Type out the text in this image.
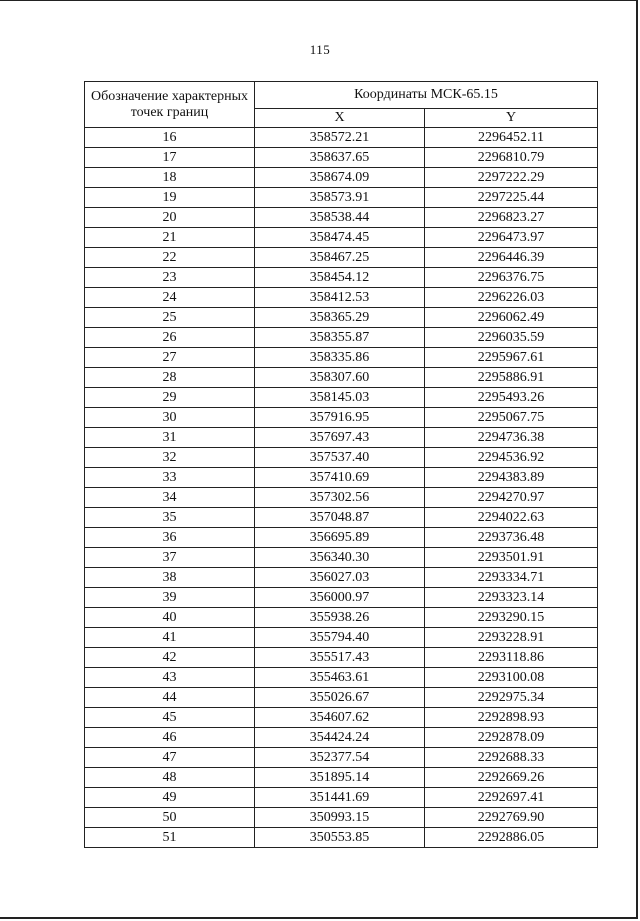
115
Обозначение характерных точек границ	Координаты МСК-65.15	
	X	Y
16	358572.21	2296452.11
17	358637.65	2296810.79
18	358674.09	2297222.29
19	358573.91	2297225.44
20	358538.44	2296823.27
21	358474.45	2296473.97
22	358467.25	2296446.39
23	358454.12	2296376.75
24	358412.53	2296226.03
25	358365.29	2296062.49
26	358355.87	2296035.59
27	358335.86	2295967.61
28	358307.60	2295886.91
29	358145.03	2295493.26
30	357916.95	2295067.75
31	357697.43	2294736.38
32	357537.40	2294536.92
33	357410.69	2294383.89
34	357302.56	2294270.97
35	357048.87	2294022.63
36	356695.89	2293736.48
37	356340.30	2293501.91
38	356027.03	2293334.71
39	356000.97	2293323.14
40	355938.26	2293290.15
41	355794.40	2293228.91
42	355517.43	2293118.86
43	355463.61	2293100.08
44	355026.67	2292975.34
45	354607.62	2292898.93
46	354424.24	2292878.09
47	352377.54	2292688.33
48	351895.14	2292669.26
49	351441.69	2292697.41
50	350993.15	2292769.90
51	350553.85	2292886.05
